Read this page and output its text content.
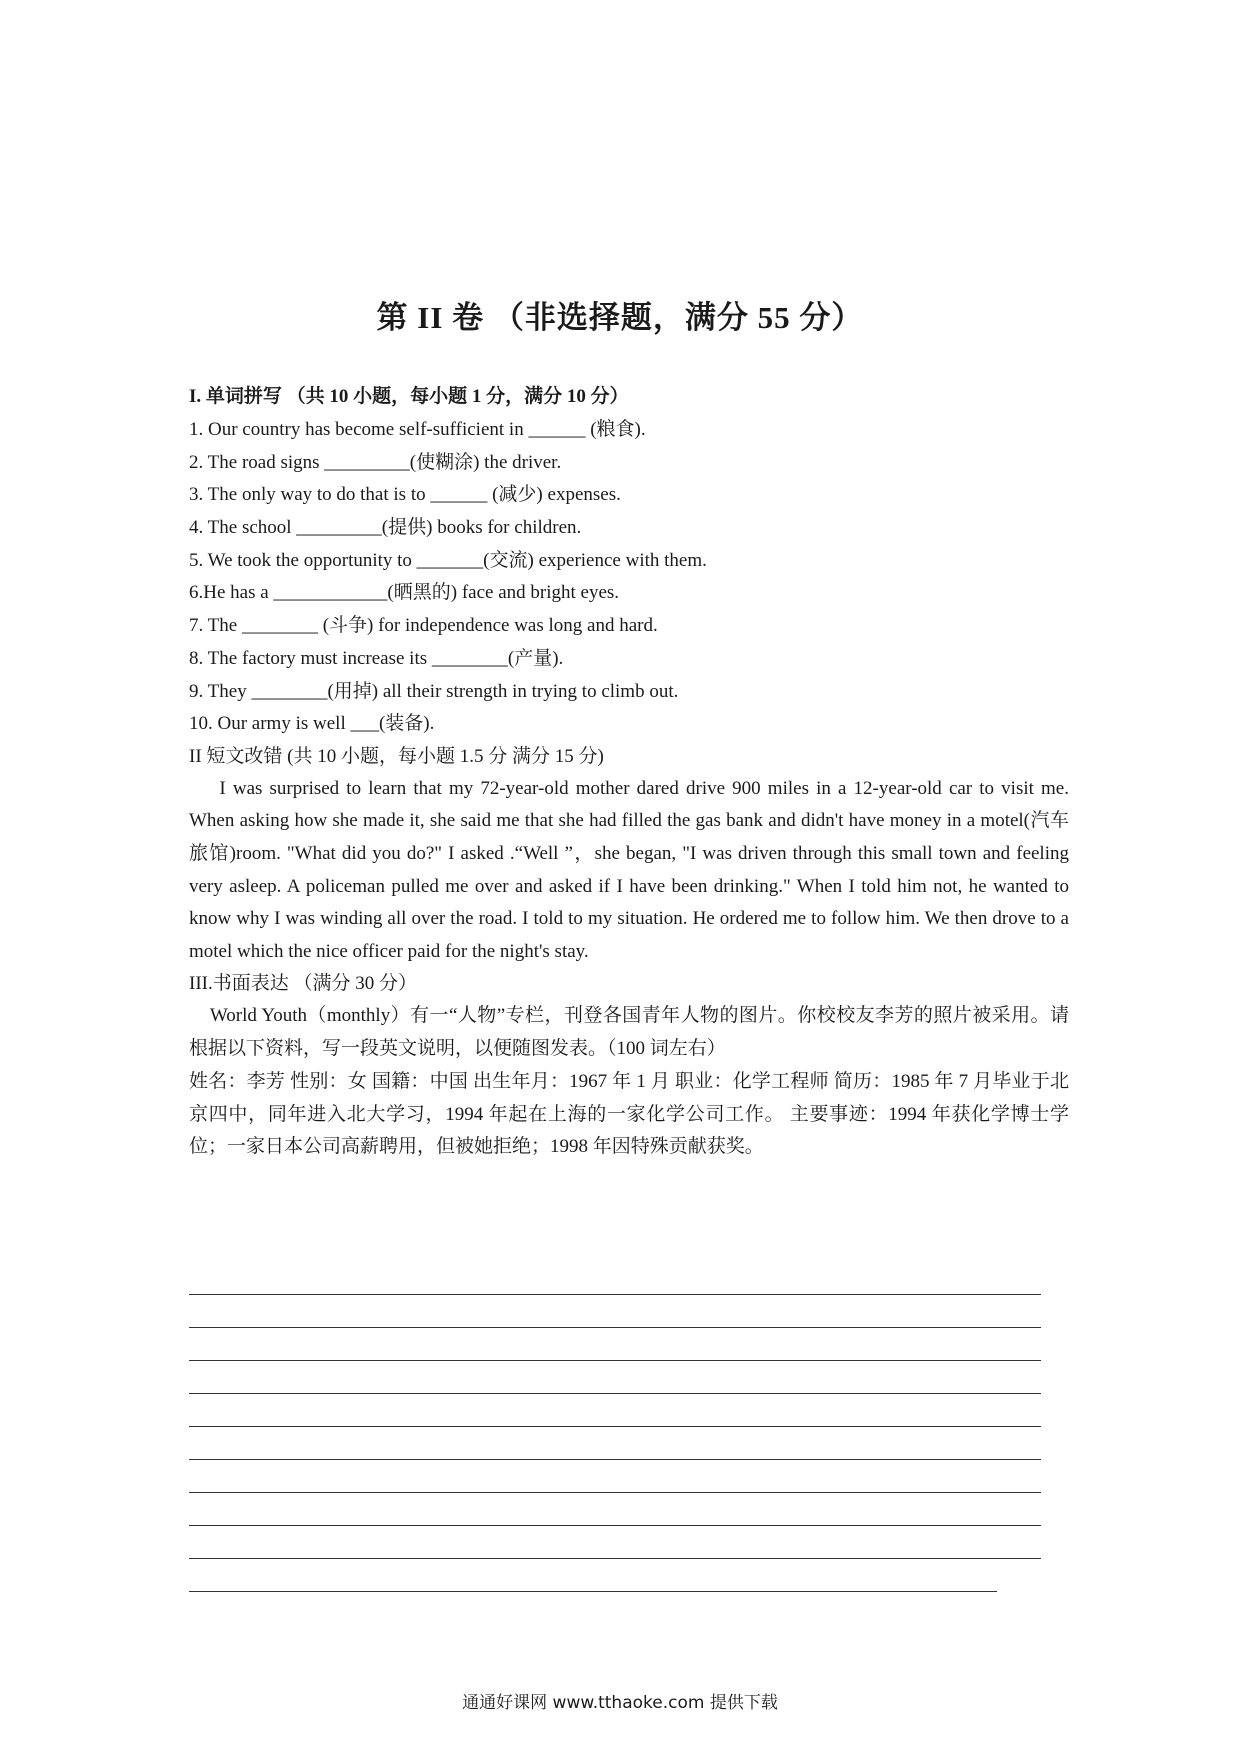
第 II 卷 （非选择题，满分 55 分）
I. 单词拼写 （共 10 小题，每小题 1 分，满分 10 分）
1. Our country has become self-sufficient in ______ (粮食).
2. The road signs _________(使糊涂) the driver.
3. The only way to do that is to ______ (减少) expenses.
4. The school _________(提供) books for children.
5. We took the opportunity to _______(交流) experience with them.
6.He has a ____________(晒黑的) face and bright eyes.
7. The ________ (斗争) for independence was long and hard.
8. The factory must increase its ________(产量).
9. They ________(用掉) all their strength in trying to climb out.
10. Our army is well ___(装备).
II 短文改错 (共 10 小题，每小题 1.5 分 满分 15 分)

I was surprised to learn that my 72-year-old mother dared drive 900 miles in a 12-year-old car to visit me. When asking how she made it, she said me that she had filled the gas bank and didn't have money in a motel(汽车旅馆)room. "What did you do?" I asked .“Well ”，she began, "I was driven through this small town and feeling very asleep. A policeman pulled me over and asked if I have been drinking." When I told him not, he wanted to know why I was winding all over the road. I told to my situation. He ordered me to follow him. We then drove to a motel which the nice officer paid for the night's stay.

III.书面表达 （满分 30 分）

World Youth（monthly）有一“人物”专栏，刊登各国青年人物的图片。你校校友李芳的照片被采用。请根据以下资料，写一段英文说明，以便随图发表。（100 词左右）

姓名：李芳 性别：女 国籍：中国 出生年月：1967 年 1 月 职业：化学工程师 简历：1985 年 7 月毕业于北京四中，同年进入北大学习，1994 年起在上海的一家化学公司工作。 主要事迹：1994 年获化学博士学位；一家日本公司高薪聘用，但被她拒绝；1998 年因特殊贡献获奖。

通通好课网 www.tthaoke.com 提供下载
